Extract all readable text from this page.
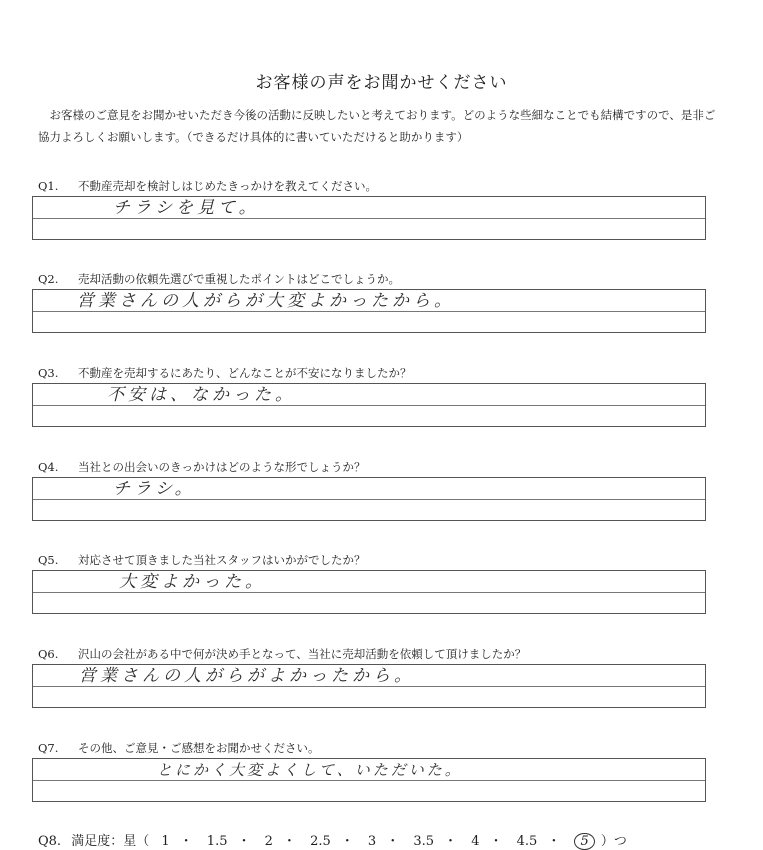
お客様の声をお聞かせください
お客様のご意見をお聞かせいただき今後の活動に反映したいと考えております。どのような些細なことでも結構ですので、是非ご協力よろしくお願いします。（できるだけ具体的に書いていただけると助かります）
Q1. 不動産売却を検討しはじめたきっかけを教えてください。
チラシを見て。
Q2. 売却活動の依頼先選びで重視したポイントはどこでしょうか。
営業さんの人がらが大変よかったから。
Q3. 不動産を売却するにあたり、どんなことが不安になりましたか？
不安は、なかった。
Q4. 当社との出会いのきっかけはどのような形でしょうか？
チラシ。
Q5. 対応させて頂きました当社スタッフはいかがでしたか？
大変よかった。
Q6. 沢山の会社がある中で何が決め手となって、当社に売却活動を依頼して頂けましたか？
営業さんの人がらがよかったから。
Q7. その他、ご意見・ご感想をお聞かせください。
とにかく大変よくして、いただいた。
Q8. 満足度：星（ 1 ・ 1.5 ・ 2 ・ 2.5 ・ 3 ・ 3.5 ・ 4 ・ 4.5 ・ 5 ）つ
